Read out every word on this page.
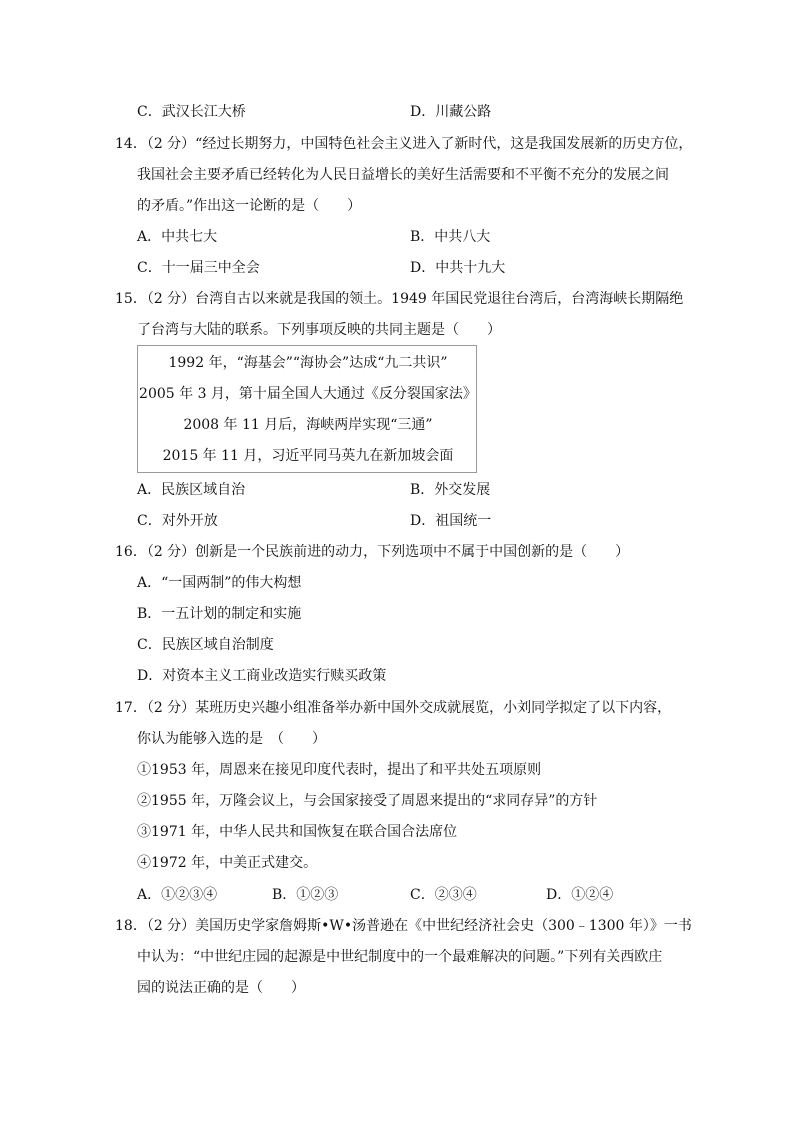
C．武汉长江大桥	D．川藏公路
14．（2 分）“经过长期努力，中国特色社会主义进入了新时代，这是我国发展新的历史方位，
我国社会主要矛盾已经转化为人民日益增长的美好生活需要和不平衡不充分的发展之间
的矛盾。”作出这一论断的是（　　）
A．中共七大	B．中共八大
C．十一届三中全会	D．中共十九大
15．（2 分）台湾自古以来就是我国的领土。1949 年国民党退往台湾后，台湾海峡长期隔绝
了台湾与大陆的联系。下列事项反映的共同主题是（　　）
1992 年，“海基会”“海协会”达成“九二共识”
2005 年 3 月，第十届全国人大通过《反分裂国家法》
2008 年 11 月后，海峡两岸实现“三通”
2015 年 11 月，习近平同马英九在新加坡会面
A．民族区域自治	B．外交发展
C．对外开放	D．祖国统一
16．（2 分）创新是一个民族前进的动力，下列选项中不属于中国创新的是（　　）
A．“一国两制”的伟大构想
B．一五计划的制定和实施
C．民族区域自治制度
D．对资本主义工商业改造实行赎买政策
17．（2 分）某班历史兴趣小组准备举办新中国外交成就展览，小刘同学拟定了以下内容，
你认为能够入选的是　（　　）
①1953 年，周恩来在接见印度代表时，提出了和平共处五项原则
②1955 年，万隆会议上，与会国家接受了周恩来提出的“求同存异”的方针
③1971 年，中华人民共和国恢复在联合国合法席位
④1972 年，中美正式建交。
A．①②③④	B．①②③	C．②③④	D．①②④
18．（2 分）美国历史学家詹姆斯•W•汤普逊在《中世纪经济社会史（300﹣1300 年）》一书
中认为：“中世纪庄园的起源是中世纪制度中的一个最难解决的问题。”下列有关西欧庄
园的说法正确的是（　　）
